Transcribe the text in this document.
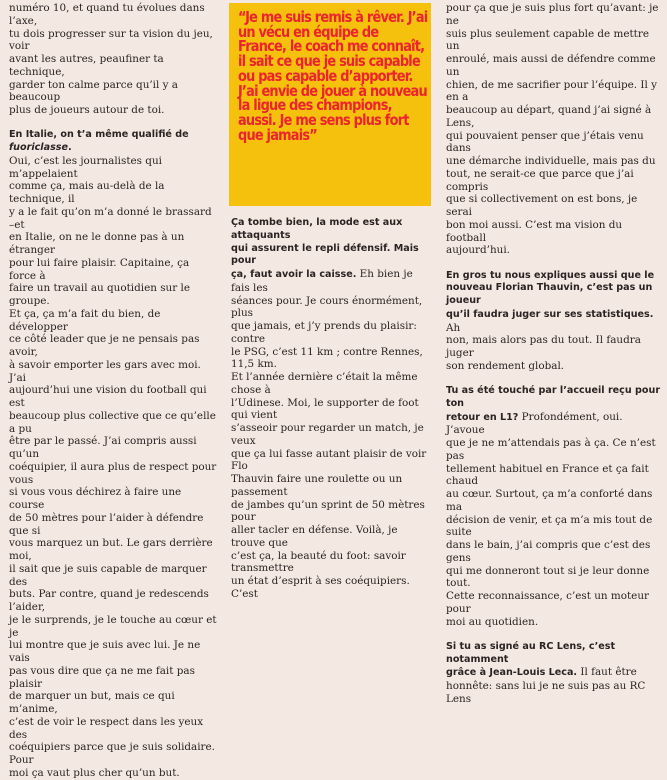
numéro 10, et quand tu évolues dans l’axe,

tu dois progresser sur ta vision du jeu, voir

avant les autres, peaufiner ta technique,

garder ton calme parce qu’il y a beaucoup

plus de joueurs autour de toi.

En Italie, on t’a même qualifié de fuoriclasse.

Oui, c’est les journalistes qui m’appelaient

comme ça, mais au-delà de la technique, il

y a le fait qu’on m’a donné le brassard –et

en Italie, on ne le donne pas à un étranger

pour lui faire plaisir. Capitaine, ça force à

faire un travail au quotidien sur le groupe.

Et ça, ça m’a fait du bien, de développer

ce côté leader que je ne pensais pas avoir,

à savoir emporter les gars avec moi. J’ai

aujourd’hui une vision du football qui est

beaucoup plus collective que ce qu’elle a pu

être par le passé. J’ai compris aussi qu’un

coéquipier, il aura plus de respect pour vous

si vous vous déchirez à faire une course

de 50 mètres pour l’aider à défendre que si

vous marquez un but. Le gars derrière moi,

il sait que je suis capable de marquer des

buts. Par contre, quand je redescends l’aider,

je le surprends, je le touche au cœur et je

lui montre que je suis avec lui. Je ne vais

pas vous dire que ça ne me fait pas plaisir

de marquer un but, mais ce qui m’anime,

c’est de voir le respect dans les yeux des

coéquipiers parce que je suis solidaire. Pour

moi ça vaut plus cher qu’un but.

“Je me suis remis à rêver. J’ai un vécu en équipe de France, le coach me connaît, il sait ce que je suis capable ou pas capable d’apporter. J’ai envie de jouer à nouveau la ligue des champions, aussi. Je me sens plus fort que jamais”

Ça tombe bien, la mode est aux attaquants

qui assurent le repli défensif. Mais pour

ça, faut avoir la caisse. Eh bien je fais les

séances pour. Je cours énormément, plus

que jamais, et j’y prends du plaisir: contre

le PSG, c’est 11 km ; contre Rennes, 11,5 km.

Et l’année dernière c’était la même chose à

l’Udinese. Moi, le supporter de foot qui vient

s’asseoir pour regarder un match, je veux

que ça lui fasse autant plaisir de voir Flo

Thauvin faire une roulette ou un passement

de jambes qu’un sprint de 50 mètres pour

aller tacler en défense. Voilà, je trouve que

c’est ça, la beauté du foot: savoir transmettre

un état d’esprit à ses coéquipiers. C’est

pour ça que je suis plus fort qu’avant: je ne

suis plus seulement capable de mettre un

enroulé, mais aussi de défendre comme un

chien, de me sacrifier pour l’équipe. Il y en a

beaucoup au départ, quand j’ai signé à Lens,

qui pouvaient penser que j’étais venu dans

une démarche individuelle, mais pas du

tout, ne serait-ce que parce que j’ai compris

que si collectivement on est bons, je serai

bon moi aussi. C’est ma vision du football

aujourd’hui.

En gros tu nous expliques aussi que le

nouveau Florian Thauvin, c’est pas un joueur

qu’il faudra juger sur ses statistiques. Ah

non, mais alors pas du tout. Il faudra juger

son rendement global.

Tu as été touché par l’accueil reçu pour ton

retour en L1? Profondément, oui. J’avoue

que je ne m’attendais pas à ça. Ce n’est pas

tellement habituel en France et ça fait chaud

au cœur. Surtout, ça m’a conforté dans ma

décision de venir, et ça m’a mis tout de suite

dans le bain, j’ai compris que c’est des gens

qui me donneront tout si je leur donne tout.

Cette reconnaissance, c’est un moteur pour

moi au quotidien.

Si tu as signé au RC Lens, c’est notamment

grâce à Jean-Louis Leca. Il faut être

honnête: sans lui je ne suis pas au RC Lens
